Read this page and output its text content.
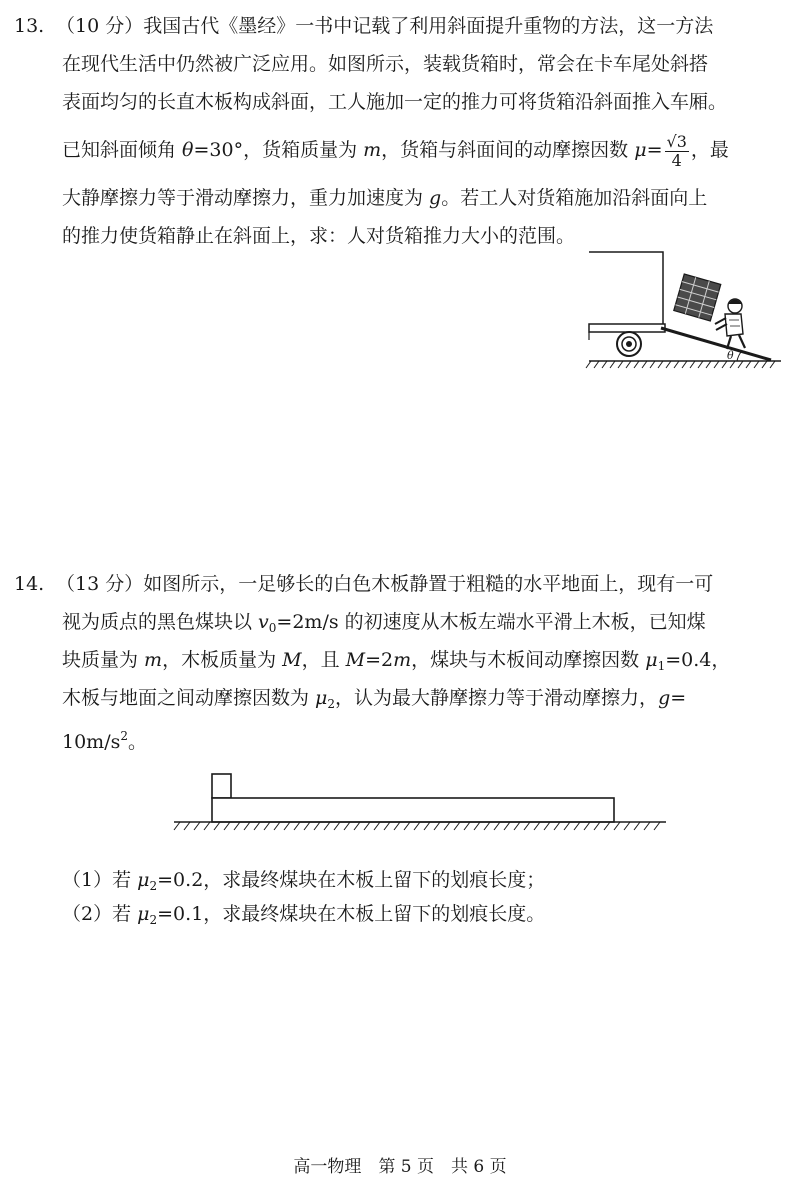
13. （10 分）我国古代《墨经》一书中记载了利用斜面提升重物的方法，这一方法
在现代生活中仍然被广泛应用。如图所示，装载货箱时，常会在卡车尾处斜搭
表面均匀的长直木板构成斜面，工人施加一定的推力可将货箱沿斜面推入车厢。
已知斜面倾角 θ=30°，货箱质量为 m，货箱与斜面间的动摩擦因数 $\mu= \frac{√3}{4}$ ，最
大静摩擦力等于滑动摩擦力，重力加速度为 g。若工人对货箱施加沿斜面向上
的推力使货箱静止在斜面上，求：人对货箱推力大小的范围。
θ
14. （13 分）如图所示，一足够长的白色木板静置于粗糙的水平地面上，现有一可
视为质点的黑色煤块以 $v_0=2m/s$ 的初速度从木板左端水平滑上木板，已知煤
块质量为 m，木板质量为 M，且 M=2m，煤块与木板间动摩擦因数 $\mu_1=0.4$，
木板与地面之间动摩擦因数为 $\mu_2$，认为最大静摩擦力等于滑动摩擦力，g=
$10m/s^2$。
（1）若 $\mu_2=0.2$，求最终煤块在木板上留下的划痕长度；
（2）若 $\mu_2=0.1$，求最终煤块在木板上留下的划痕长度。
高一物理　第 5 页　共 6 页
